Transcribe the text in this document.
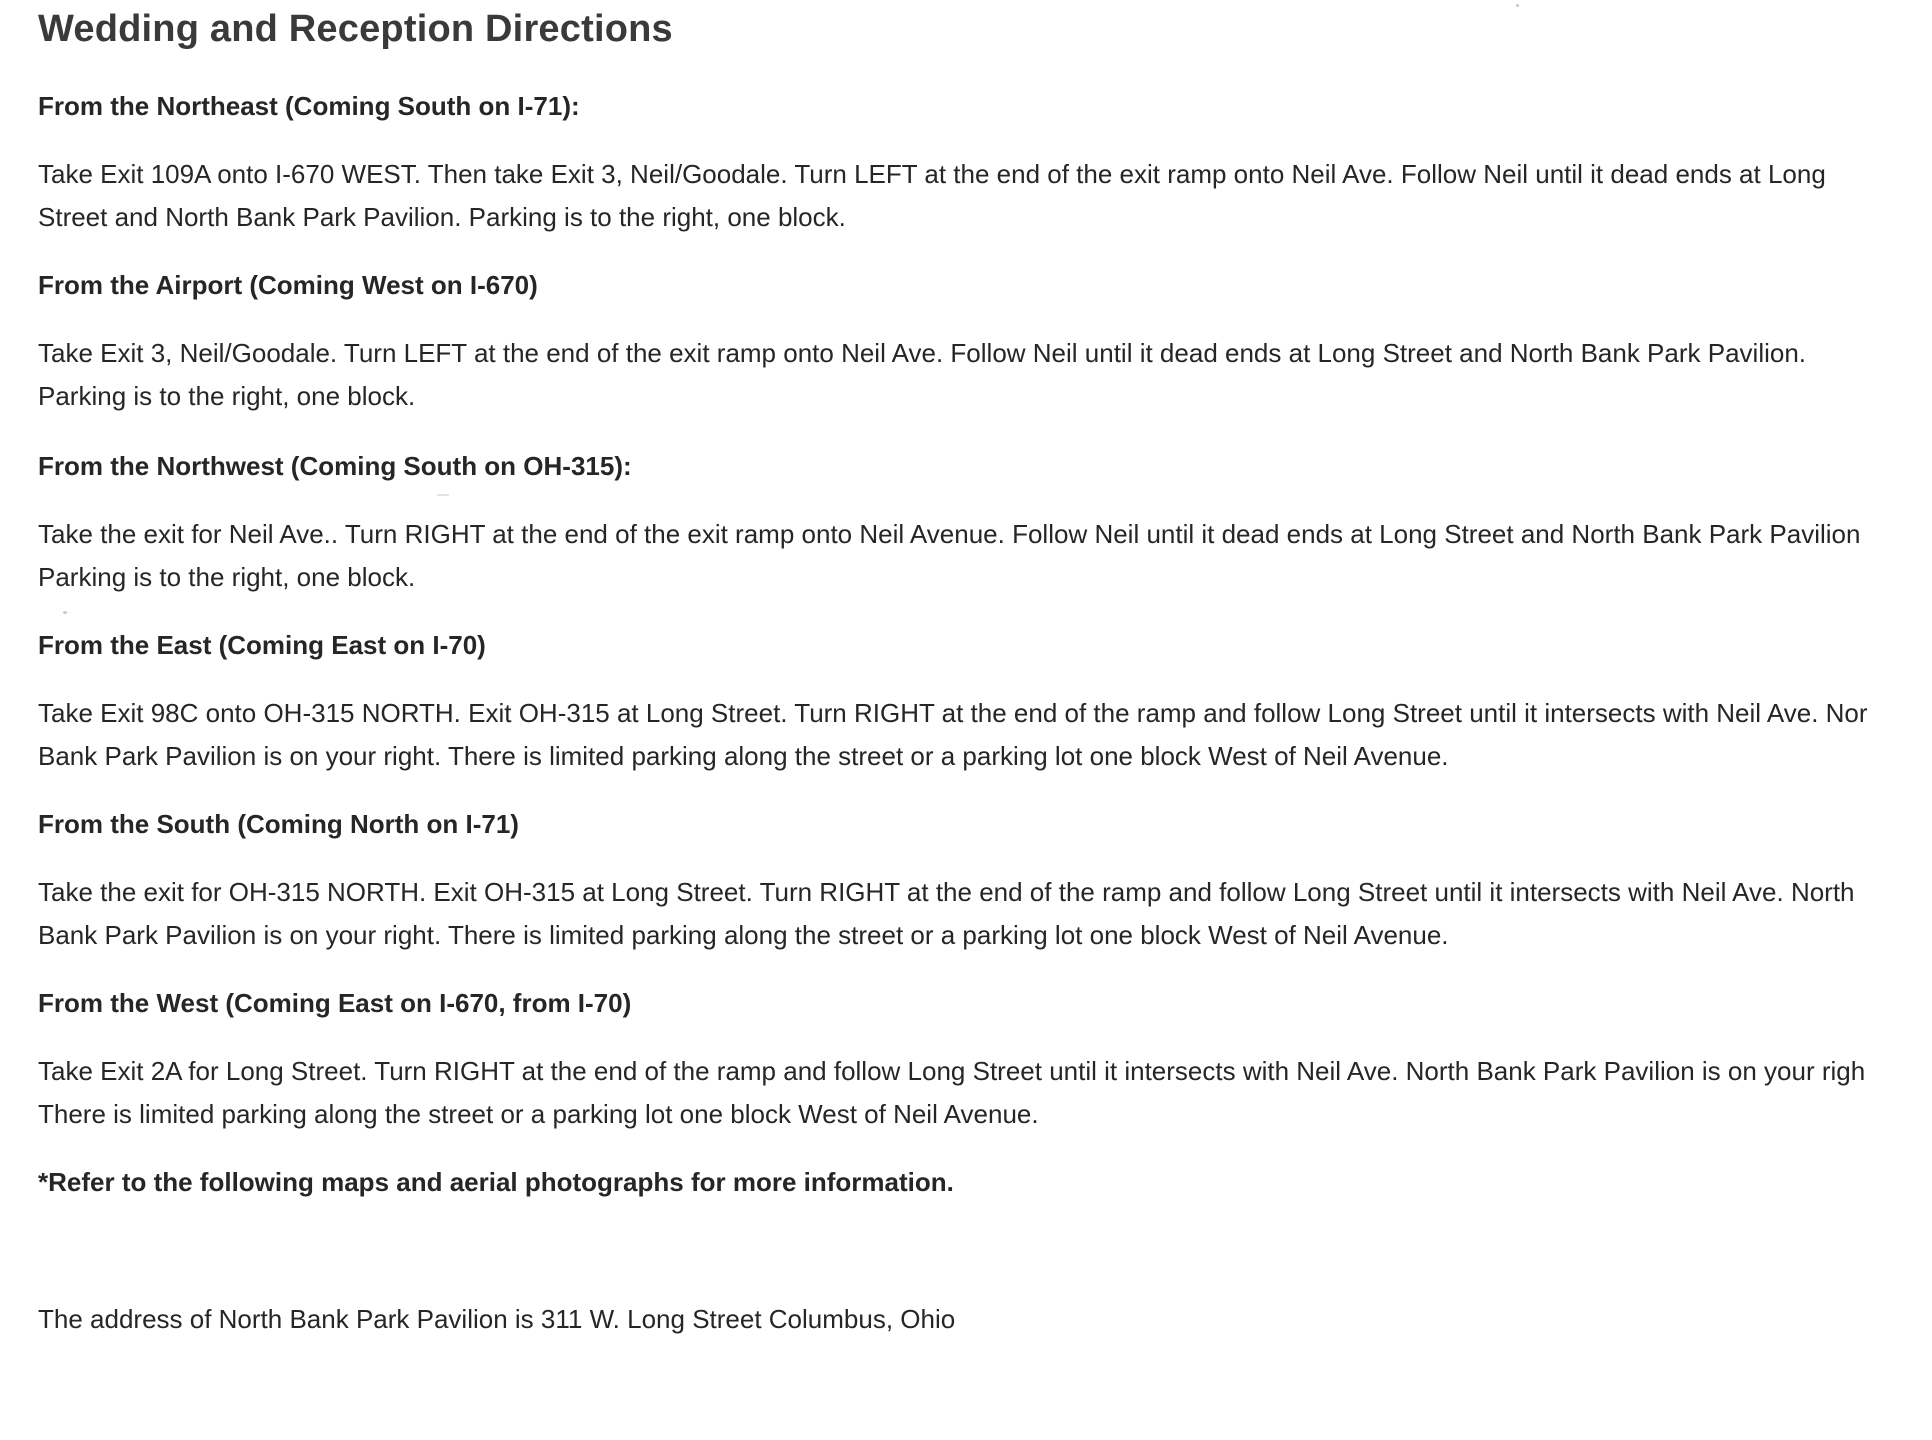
Wedding and Reception Directions
From the Northeast (Coming South on I-71):

Take Exit 109A onto I-670 WEST. Then take Exit 3, Neil/Goodale. Turn LEFT at the end of the exit ramp onto Neil Ave. Follow Neil until it dead ends at Long
Street and North Bank Park Pavilion. Parking is to the right, one block.

From the Airport (Coming West on I-670)

Take Exit 3, Neil/Goodale. Turn LEFT at the end of the exit ramp onto Neil Ave. Follow Neil until it dead ends at Long Street and North Bank Park Pavilion.
Parking is to the right, one block.

From the Northwest (Coming South on OH-315):

Take the exit for Neil Ave.. Turn RIGHT at the end of the exit ramp onto Neil Avenue. Follow Neil until it dead ends at Long Street and North Bank Park Pavilion
Parking is to the right, one block.

From the East (Coming East on I-70)

Take Exit 98C onto OH-315 NORTH. Exit OH-315 at Long Street. Turn RIGHT at the end of the ramp and follow Long Street until it intersects with Neil Ave. Nor
Bank Park Pavilion is on your right. There is limited parking along the street or a parking lot one block West of Neil Avenue.

From the South (Coming North on I-71)

Take the exit for OH-315 NORTH. Exit OH-315 at Long Street. Turn RIGHT at the end of the ramp and follow Long Street until it intersects with Neil Ave. North
Bank Park Pavilion is on your right. There is limited parking along the street or a parking lot one block West of Neil Avenue.

From the West (Coming East on I-670, from I-70)

Take Exit 2A for Long Street. Turn RIGHT at the end of the ramp and follow Long Street until it intersects with Neil Ave. North Bank Park Pavilion is on your righ
There is limited parking along the street or a parking lot one block West of Neil Avenue.

*Refer to the following maps and aerial photographs for more information.

The address of North Bank Park Pavilion is 311 W. Long Street Columbus, Ohio
